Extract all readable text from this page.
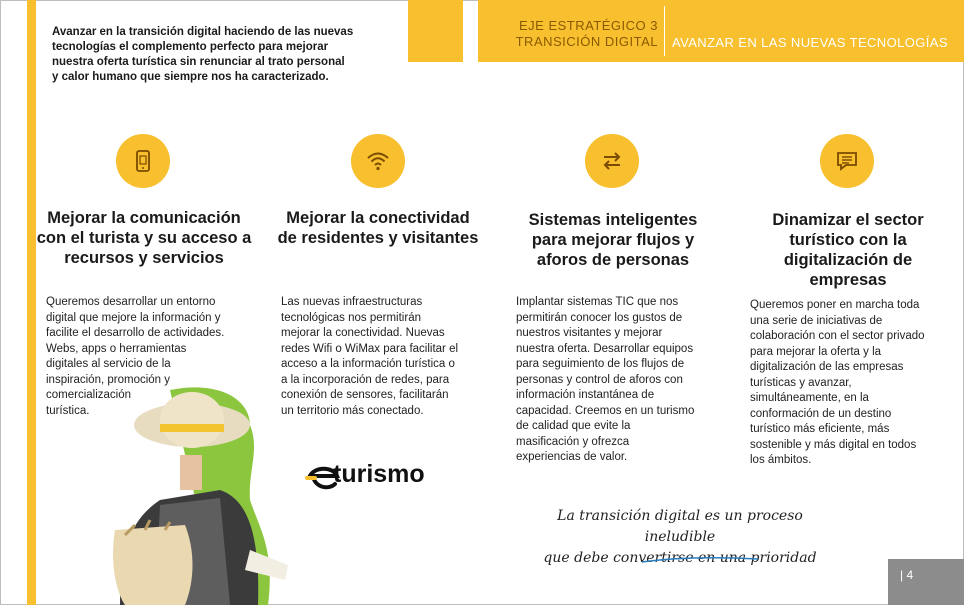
EJE ESTRATÉGICO 3
TRANSICIÓN DIGITAL AVANZAR EN LAS NUEVAS TECNOLOGÍAS
Avanzar en la transición digital haciendo de las nuevas
tecnologías el complemento perfecto para mejorar
nuestra oferta turística sin renunciar al trato personal
y calor humano que siempre nos ha caracterizado.
Mejorar la comunicación
con el turista y su acceso a
recursos y servicios
Queremos desarrollar un entorno
digital que mejore la información y
facilite el desarrollo de actividades.
Webs, apps o herramientas
digitales al servicio de la
inspiración, promoción y
comercialización
turística.
Mejorar la conectividad
de residentes y visitantes
Las nuevas infraestructuras
tecnológicas nos permitirán
mejorar la conectividad. Nuevas
redes Wifi o WiMax para facilitar el
acceso a la información turística o
a la incorporación de redes, para
conexión de sensores, facilitarán
un territorio más conectado.
Sistemas inteligentes
para mejorar flujos y
aforos de personas
Implantar sistemas TIC que nos
permitirán conocer los gustos de
nuestros visitantes y mejorar
nuestra oferta. Desarrollar equipos
para seguimiento de los flujos de
personas y control de aforos con
información instantánea de
capacidad. Creemos en un turismo
de calidad que evite la
masificación y ofrezca
experiencias de valor.
Dinamizar el sector
turístico con la
digitalización de
empresas
Queremos poner en marcha toda
una serie de iniciativas de
colaboración con el sector privado
para mejorar la oferta y la
digitalización de las empresas
turísticas y avanzar,
simultáneamente, en la
conformación de un destino
turístico más eficiente, más
sostenible y más digital en todos
los ámbitos.
turismo
La transición digital es un proceso ineludible
que debe convertirse en una prioridad
| 4
